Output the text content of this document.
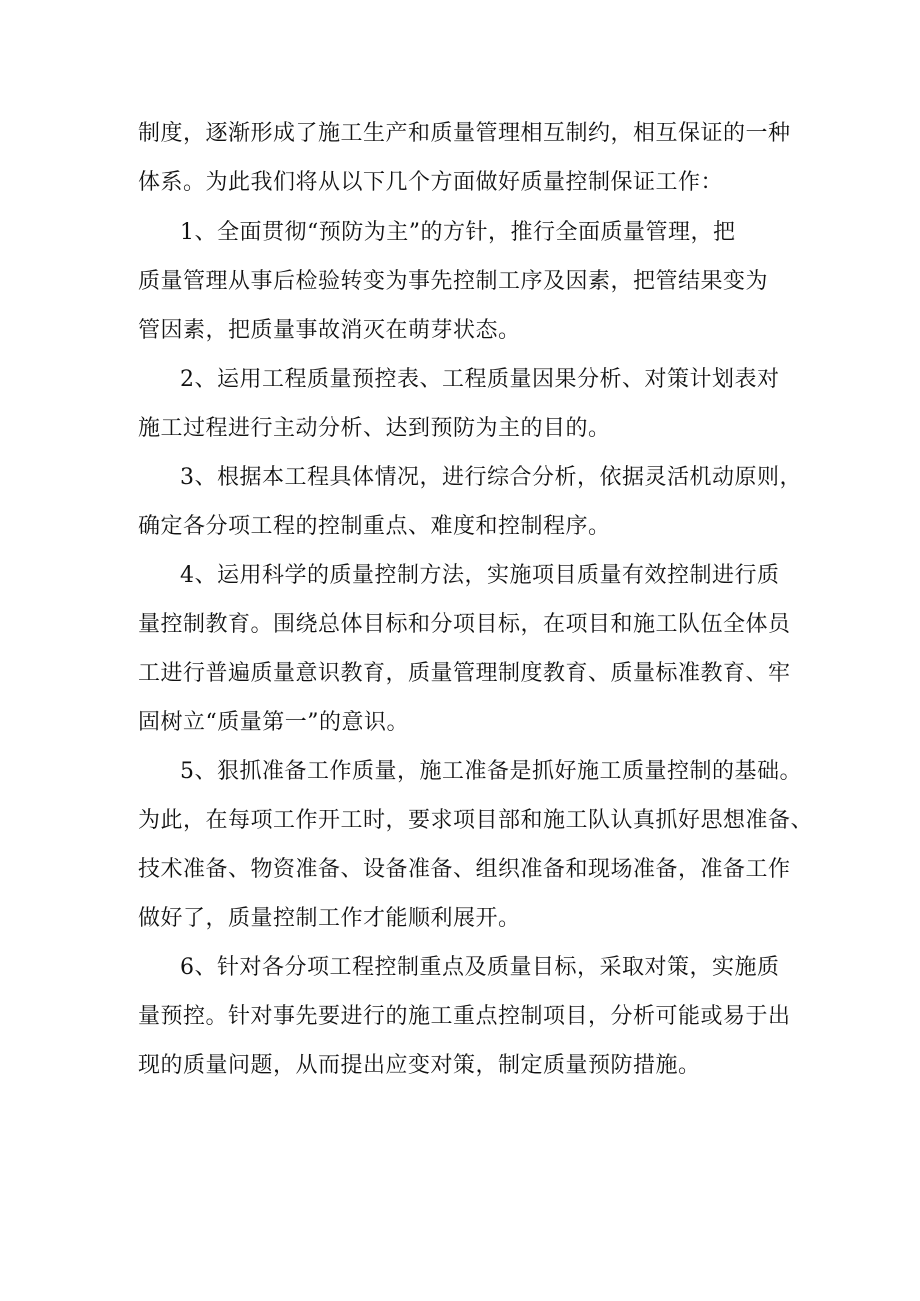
制度，逐渐形成了施工生产和质量管理相互制约，相互保证的一种
体系。为此我们将从以下几个方面做好质量控制保证工作：
1、全面贯彻“预防为主”的方针，推行全面质量管理，把
质量管理从事后检验转变为事先控制工序及因素，把管结果变为
管因素，把质量事故消灭在萌芽状态。
2、运用工程质量预控表、工程质量因果分析、对策计划表对
施工过程进行主动分析、达到预防为主的目的。
3、根据本工程具体情况，进行综合分析，依据灵活机动原则，
确定各分项工程的控制重点、难度和控制程序。
4、运用科学的质量控制方法，实施项目质量有效控制进行质
量控制教育。围绕总体目标和分项目标，在项目和施工队伍全体员
工进行普遍质量意识教育，质量管理制度教育、质量标准教育、牢
固树立“质量第一”的意识。
5、狠抓准备工作质量，施工准备是抓好施工质量控制的基础。
为此，在每项工作开工时，要求项目部和施工队认真抓好思想准备、
技术准备、物资准备、设备准备、组织准备和现场准备，准备工作
做好了，质量控制工作才能顺利展开。
6、针对各分项工程控制重点及质量目标，采取对策，实施质
量预控。针对事先要进行的施工重点控制项目，分析可能或易于出
现的质量问题，从而提出应变对策，制定质量预防措施。
